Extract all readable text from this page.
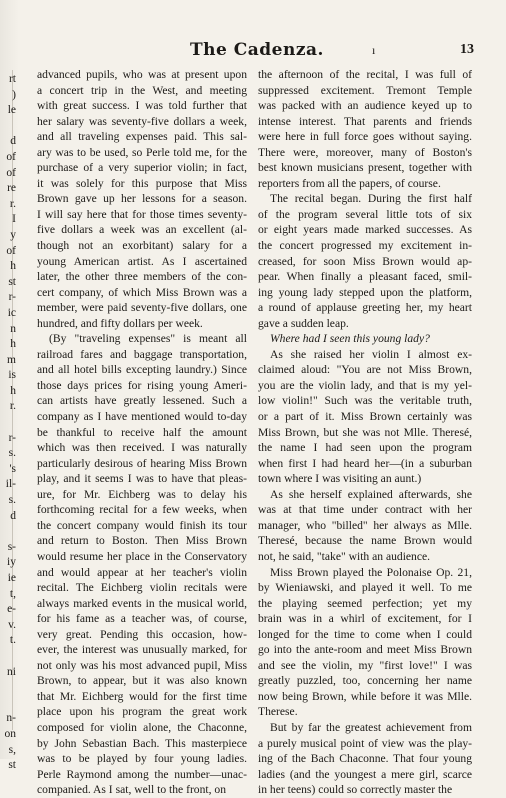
rt
)
le
d
of
of
re
r.
I
y
of
h
st
r-
ic
n
h
m
is
h
r.
r-
s.
's
il-
s.
d
s-
iy
ie
t,
e-
v.
t.
ni
n-
on
s,
st
The Cadenza.	ı	13
advanced pupils, who was at present upon
a concert trip in the West, and meeting
with great success. I was told further that
her salary was seventy-five dollars a week,
and all traveling expenses paid. This sal-
ary was to be used, so Perle told me, for the
purchase of a very superior violin; in fact,
it was solely for this purpose that Miss
Brown gave up her lessons for a season.
I will say here that for those times seventy-
five dollars a week was an excellent (al-
though not an exorbitant) salary for a
young American artist. As I ascertained
later, the other three members of the con-
cert company, of which Miss Brown was a
member, were paid seventy-five dollars, one
hundred, and fifty dollars per week.
(By "traveling expenses" is meant all
railroad fares and baggage transportation,
and all hotel bills excepting laundry.) Since
those days prices for rising young Ameri-
can artists have greatly lessened. Such a
company as I have mentioned would to-day
be thankful to receive half the amount
which was then received. I was naturally
particularly desirous of hearing Miss Brown
play, and it seems I was to have that pleas-
ure, for Mr. Eichberg was to delay his
forthcoming recital for a few weeks, when
the concert company would finish its tour
and return to Boston. Then Miss Brown
would resume her place in the Conservatory
and would appear at her teacher's violin
recital. The Eichberg violin recitals were
always marked events in the musical world,
for his fame as a teacher was, of course,
very great. Pending this occasion, how-
ever, the interest was unusually marked, for
not only was his most advanced pupil, Miss
Brown, to appear, but it was also known
that Mr. Eichberg would for the first time
place upon his program the great work
composed for violin alone, the Chaconne,
by John Sebastian Bach. This masterpiece
was to be played by four young ladies.
Perle Raymond among the number—unac-
companied. As I sat, well to the front, on
the afternoon of the recital, I was full of
suppressed excitement. Tremont Temple
was packed with an audience keyed up to
intense interest. That parents and friends
were here in full force goes without saying.
There were, moreover, many of Boston's
best known musicians present, together with
reporters from all the papers, of course.
The recital began. During the first half
of the program several little tots of six
or eight years made marked successes. As
the concert progressed my excitement in-
creased, for soon Miss Brown would ap-
pear. When finally a pleasant faced, smil-
ing young lady stepped upon the platform,
a round of applause greeting her, my heart
gave a sudden leap.
Where had I seen this young lady?
As she raised her violin I almost ex-
claimed aloud: "You are not Miss Brown,
you are the violin lady, and that is my yel-
low violin!" Such was the veritable truth,
or a part of it. Miss Brown certainly was
Miss Brown, but she was not Mlle. Theresé,
the name I had seen upon the program
when first I had heard her—(in a suburban
town where I was visiting an aunt.)
As she herself explained afterwards, she
was at that time under contract with her
manager, who "billed" her always as Mlle.
Theresé, because the name Brown would
not, he said, "take" with an audience.
Miss Brown played the Polonaise Op. 21,
by Wieniawski, and played it well. To me
the playing seemed perfection; yet my
brain was in a whirl of excitement, for I
longed for the time to come when I could
go into the ante-room and meet Miss Brown
and see the violin, my "first love!" I was
greatly puzzled, too, concerning her name
now being Brown, while before it was Mlle.
Therese.
But by far the greatest achievement from
a purely musical point of view was the play-
ing of the Bach Chaconne. That four young
ladies (and the youngest a mere girl, scarce
in her teens) could so correctly master the
